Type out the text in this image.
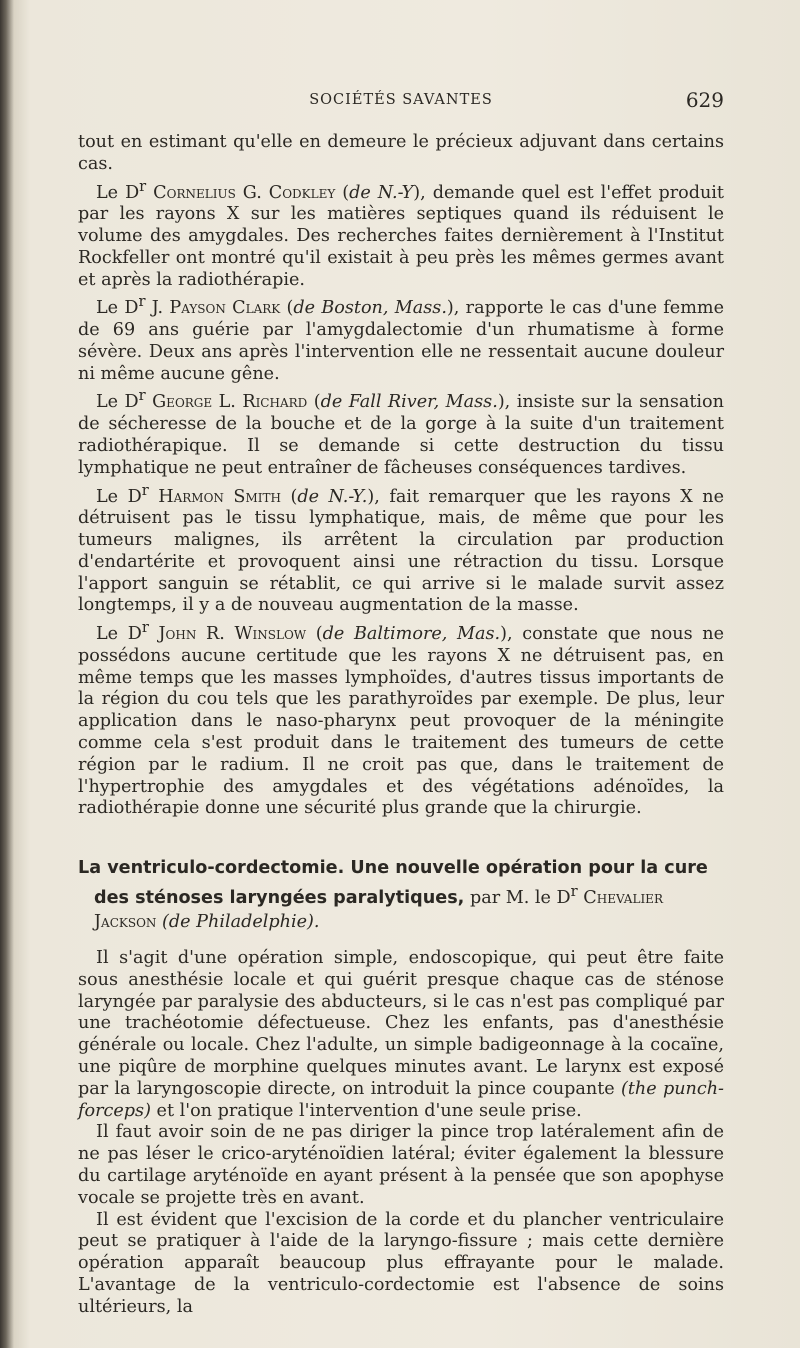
SOCIÉTÉS SAVANTES	629

tout en estimant qu'elle en demeure le précieux adjuvant dans certains cas.

Le $D^r$ Cornelius G. Codkley (de N.-Y), demande quel est l'effet produit par les rayons X sur les matières septiques quand ils réduisent le volume des amygdales. Des recherches faites dernièrement à l'Institut Rockfeller ont montré qu'il existait à peu près les mêmes germes avant et après la radiothérapie.

Le $D^r$ J. Payson Clark (de Boston, Mass.), rapporte le cas d'une femme de 69 ans guérie par l'amygdalectomie d'un rhumatisme à forme sévère. Deux ans après l'intervention elle ne ressentait aucune douleur ni même aucune gêne.

Le $D^r$ George L. Richard (de Fall River, Mass.), insiste sur la sensation de sécheresse de la bouche et de la gorge à la suite d'un traitement radiothérapique. Il se demande si cette destruction du tissu lymphatique ne peut entraîner de fâcheuses conséquences tardives.

Le $D^r$ Harmon Smith (de N.-Y.), fait remarquer que les rayons X ne détruisent pas le tissu lymphatique, mais, de même que pour les tumeurs malignes, ils arrêtent la circulation par production d'endartérite et provoquent ainsi une rétraction du tissu. Lorsque l'apport sanguin se rétablit, ce qui arrive si le malade survit assez longtemps, il y a de nouveau augmentation de la masse.

Le $D^r$ John R. Winslow (de Baltimore, Mas.), constate que nous ne possédons aucune certitude que les rayons X ne détruisent pas, en même temps que les masses lymphoïdes, d'autres tissus importants de la région du cou tels que les parathyroïdes par exemple. De plus, leur application dans le naso-pharynx peut provoquer de la méningite comme cela s'est produit dans le traitement des tumeurs de cette région par le radium. Il ne croit pas que, dans le traitement de l'hypertrophie des amygdales et des végétations adénoïdes, la radiothérapie donne une sécurité plus grande que la chirurgie.

La ventriculo-cordectomie. Une nouvelle opération pour la cure
des sténoses laryngées paralytiques, par M. le $D^r$ Chevalier Jackson (de Philadelphie).

Il s'agit d'une opération simple, endoscopique, qui peut être faite sous anesthésie locale et qui guérit presque chaque cas de sténose laryngée par paralysie des abducteurs, si le cas n'est pas compliqué par une trachéotomie défectueuse. Chez les enfants, pas d'anesthésie générale ou locale. Chez l'adulte, un simple badigeonnage à la cocaïne, une piqûre de morphine quelques minutes avant. Le larynx est exposé par la laryngoscopie directe, on introduit la pince coupante (the punch-forceps) et l'on pratique l'intervention d'une seule prise.

Il faut avoir soin de ne pas diriger la pince trop latéralement afin de ne pas léser le crico-aryténoïdien latéral; éviter également la blessure du cartilage aryténoïde en ayant présent à la pensée que son apophyse vocale se projette très en avant.

Il est évident que l'excision de la corde et du plancher ventriculaire peut se pratiquer à l'aide de la laryngo-fissure ; mais cette dernière opération apparaît beaucoup plus effrayante pour le malade. L'avantage de la ventriculo-cordectomie est l'absence de soins ultérieurs, la
